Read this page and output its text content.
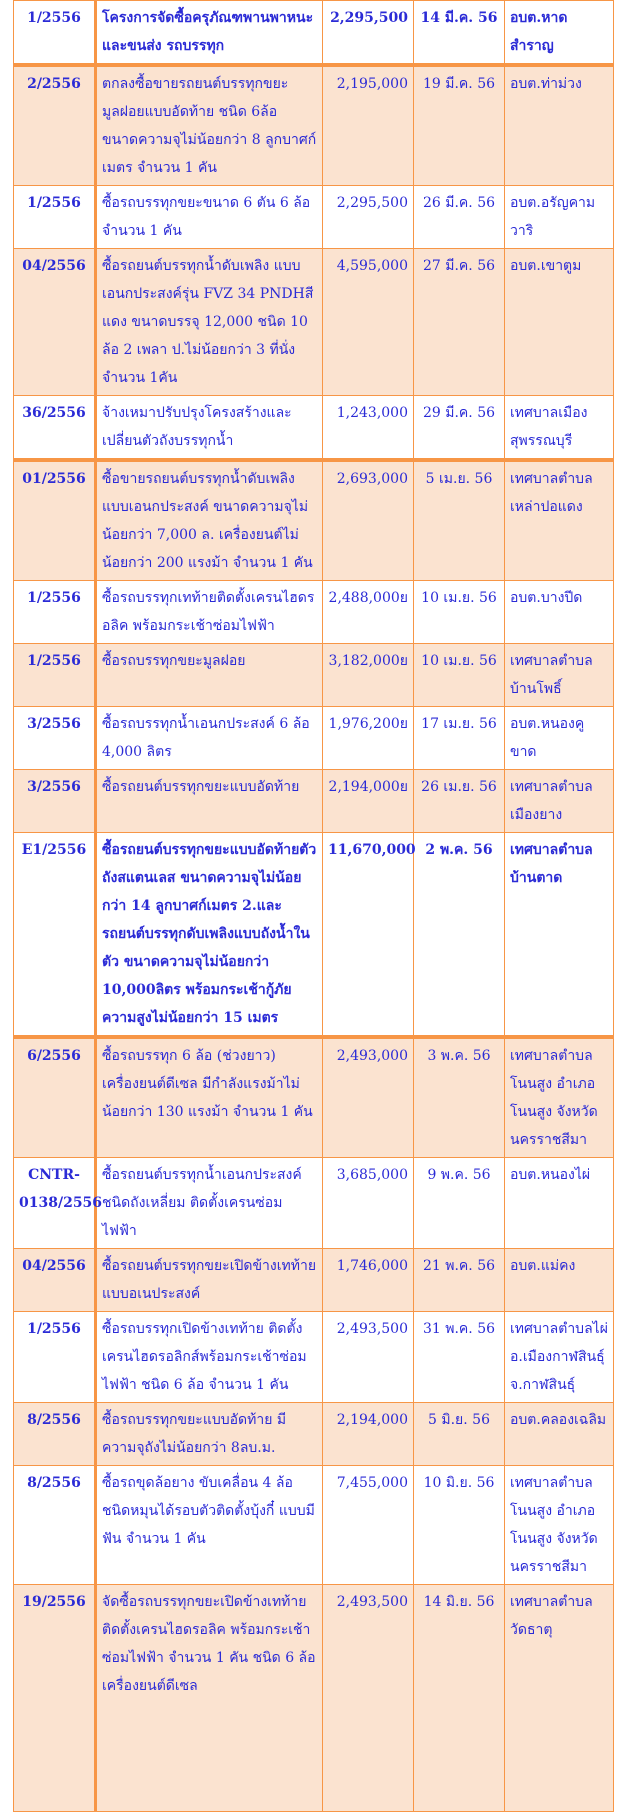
1/2556	โครงการจัดซื้อครุภัณฑพานพาหนะและขนส่ง รถบรรทุก	2,295,500	14 มี.ค. 56	อบต.หาดสำราญ
2/2556	ตกลงซื้อขายรถยนต์บรรทุกขยะมูลฝอยแบบอัดท้าย ชนิด 6ล้อ ขนาดความจุไม่น้อยกว่า 8 ลูกบาศก์เมตร จำนวน 1 คัน	2,195,000	19 มี.ค. 56	อบต.ท่าม่วง
1/2556	ซื้อรถบรรทุกขยะขนาด 6 ตัน 6 ล้อ จำนวน 1 คัน	2,295,500	26 มี.ค. 56	อบต.อรัญคามวาริ
04/2556	ซื้อรถยนต์บรรทุกน้ำดับเพลิง แบบเอนกประสงค์รุ่น FVZ 34 PNDHสีแดง ขนาดบรรจุ 12,000 ชนิด 10 ล้อ 2 เพลา ป.ไม่น้อยกว่า 3 ที่นั่ง จำนวน 1คัน	4,595,000	27 มี.ค. 56	อบต.เขาตูม
36/2556	จ้างเหมาปรับปรุงโครงสร้างและเปลี่ยนตัวถังบรรทุกน้ำ	1,243,000	29 มี.ค. 56	เทศบาลเมืองสุพรรณบุรี
01/2556	ซื้อขายรถยนต์บรรทุกน้ำดับเพลิงแบบเอนกประสงค์ ขนาดความจุไม่น้อยกว่า 7,000 ล. เครื่องยนต์ไม่น้อยกว่า 200 แรงม้า จำนวน 1 คัน	2,693,000	5 เม.ย. 56	เทศบาลตำบลเหล่าปอแดง
1/2556	ซื้อรถบรรทุกเทท้ายติดตั้งเครนไฮดรอลิค พร้อมกระเช้าซ่อมไฟฟ้า	2,488,000ย	10 เม.ย. 56	อบต.บางปีด
1/2556	ซื้อรถบรรทุกขยะมูลฝอย	3,182,000ย	10 เม.ย. 56	เทศบาลตำบลบ้านโพธิ์
3/2556	ซื้อรถบรรทุกน้ำเอนกประสงค์ 6 ล้อ 4,000 ลิตร	1,976,200ย	17 เม.ย. 56	อบต.หนองคูขาด
3/2556	ซื้อรถยนต์บรรทุกขยะแบบอัดท้าย	2,194,000ย	26 เม.ย. 56	เทศบาลตำบลเมืองยาง
E1/2556	ซื้อรถยนต์บรรทุกขยะแบบอัดท้ายตัวถังสแตนเลส ขนาดความจุไม่น้อยกว่า 14 ลูกบาศก์เมตร 2.และรถยนต์บรรทุกดับเพลิงแบบถังน้ำในตัว ขนาดความจุไม่น้อยกว่า 10,000ลิตร พร้อมกระเช้ากู้ภัยความสูงไม่น้อยกว่า 15 เมตร	11,670,000	2 พ.ค. 56	เทศบาลตำบลบ้านตาด
6/2556	ซื้อรถบรรทุก 6 ล้อ (ช่วงยาว) เครื่องยนต์ดีเซล มีกำลังแรงม้าไม่น้อยกว่า 130 แรงม้า จำนวน 1 คัน	2,493,000	3 พ.ค. 56	เทศบาลตำบลโนนสูง อำเภอโนนสูง จังหวัดนครราชสีมา
CNTR-0138/2556	ซื้อรถยนต์บรรทุกน้ำเอนกประสงค์ชนิดถังเหลี่ยม ติดตั้งเครนซ่อมไฟฟ้า	3,685,000	9 พ.ค. 56	อบต.หนองไผ่
04/2556	ซื้อรถยนต์บรรทุกขยะเปิดข้างเทท้ายแบบอเนประสงค์	1,746,000	21 พ.ค. 56	อบต.แม่คง
1/2556	ซื้อรถบรรทุกเปิดข้างเทท้าย ติดตั้งเครนไฮดรอลิกส์พร้อมกระเช้าซ่อมไฟฟ้า ชนิด 6 ล้อ จำนวน 1 คัน	2,493,500	31 พ.ค. 56	เทศบาลตำบลไผ่ อ.เมืองกาฬสินธุ์ จ.กาฬสินธุ์
8/2556	ซื้อรถบรรทุกขยะแบบอัดท้าย มีความจุถังไม่น้อยกว่า 8ลบ.ม.	2,194,000	5 มิ.ย. 56	อบต.คลองเฉลิม
8/2556	ซื้อรถขุดล้อยาง ขับเคลื่อน 4 ล้อ ชนิดหมุนได้รอบตัวติดตั้งบุ้งกี๋ แบบมีฟัน จำนวน 1 คัน	7,455,000	10 มิ.ย. 56	เทศบาลตำบลโนนสูง อำเภอโนนสูง จังหวัดนครราชสีมา
19/2556	จัดซื้อรถบรรทุกขยะเปิดข้างเทท้ายติดตั้งเครนไฮดรอลิค พร้อมกระเช้าซ่อมไฟฟ้า จำนวน 1 คัน ชนิด 6 ล้อ เครื่องยนต์ดีเซล	2,493,500	14 มิ.ย. 56	เทศบาลตำบลวัดธาตุ
